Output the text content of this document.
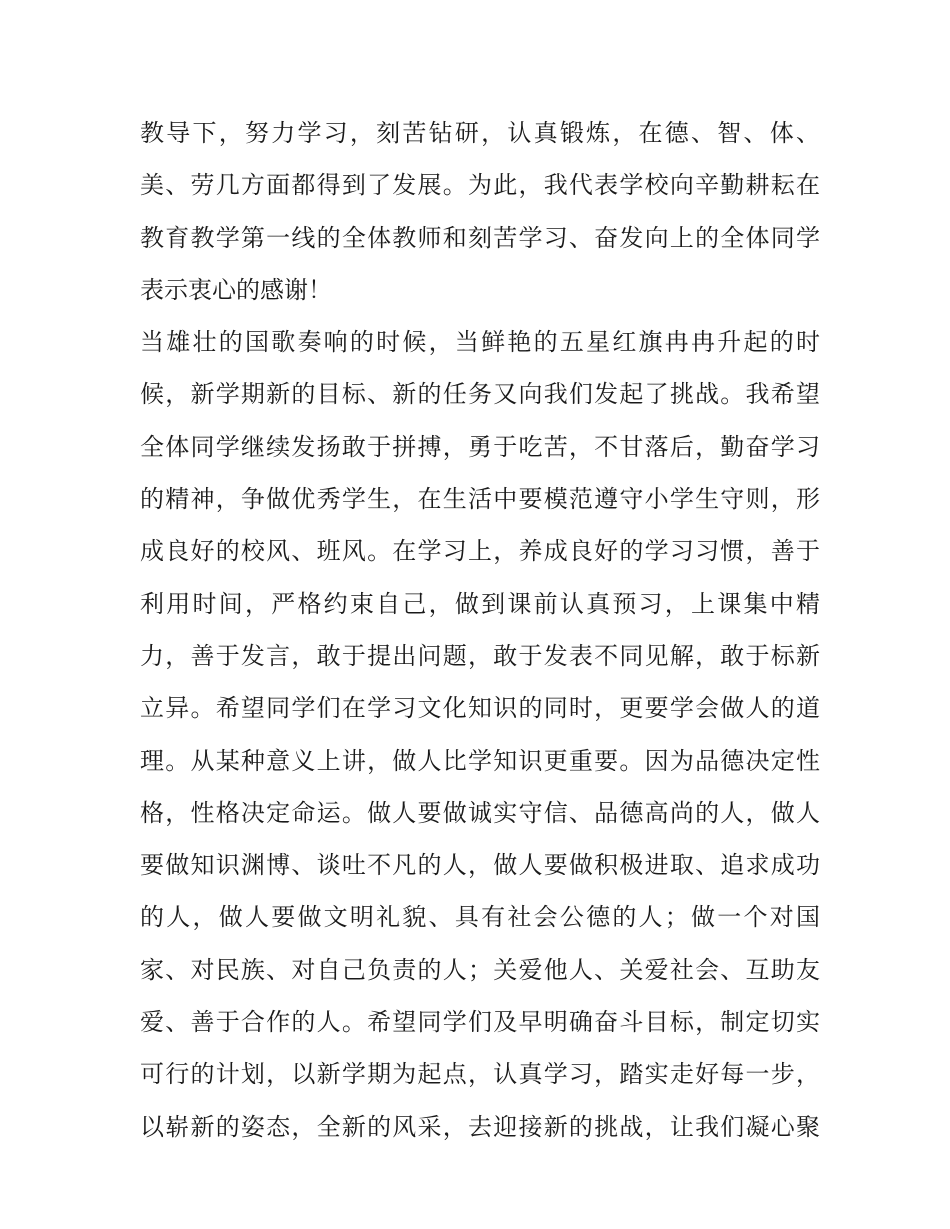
教导下，努力学习，刻苦钻研，认真锻炼，在德、智、体、
美、劳几方面都得到了发展。为此，我代表学校向辛勤耕耘在
教育教学第一线的全体教师和刻苦学习、奋发向上的全体同学
表示衷心的感谢！
当雄壮的国歌奏响的时候，当鲜艳的五星红旗冉冉升起的时
候，新学期新的目标、新的任务又向我们发起了挑战。我希望
全体同学继续发扬敢于拼搏，勇于吃苦，不甘落后，勤奋学习
的精神，争做优秀学生，在生活中要模范遵守小学生守则，形
成良好的校风、班风。在学习上，养成良好的学习习惯，善于
利用时间，严格约束自己，做到课前认真预习，上课集中精
力，善于发言，敢于提出问题，敢于发表不同见解，敢于标新
立异。希望同学们在学习文化知识的同时，更要学会做人的道
理。从某种意义上讲，做人比学知识更重要。因为品德决定性
格，性格决定命运。做人要做诚实守信、品德高尚的人，做人
要做知识渊博、谈吐不凡的人，做人要做积极进取、追求成功
的人，做人要做文明礼貌、具有社会公德的人；做一个对国
家、对民族、对自己负责的人；关爱他人、关爱社会、互助友
爱、善于合作的人。希望同学们及早明确奋斗目标，制定切实
可行的计划，以新学期为起点，认真学习，踏实走好每一步，
以崭新的姿态，全新的风采，去迎接新的挑战，让我们凝心聚
